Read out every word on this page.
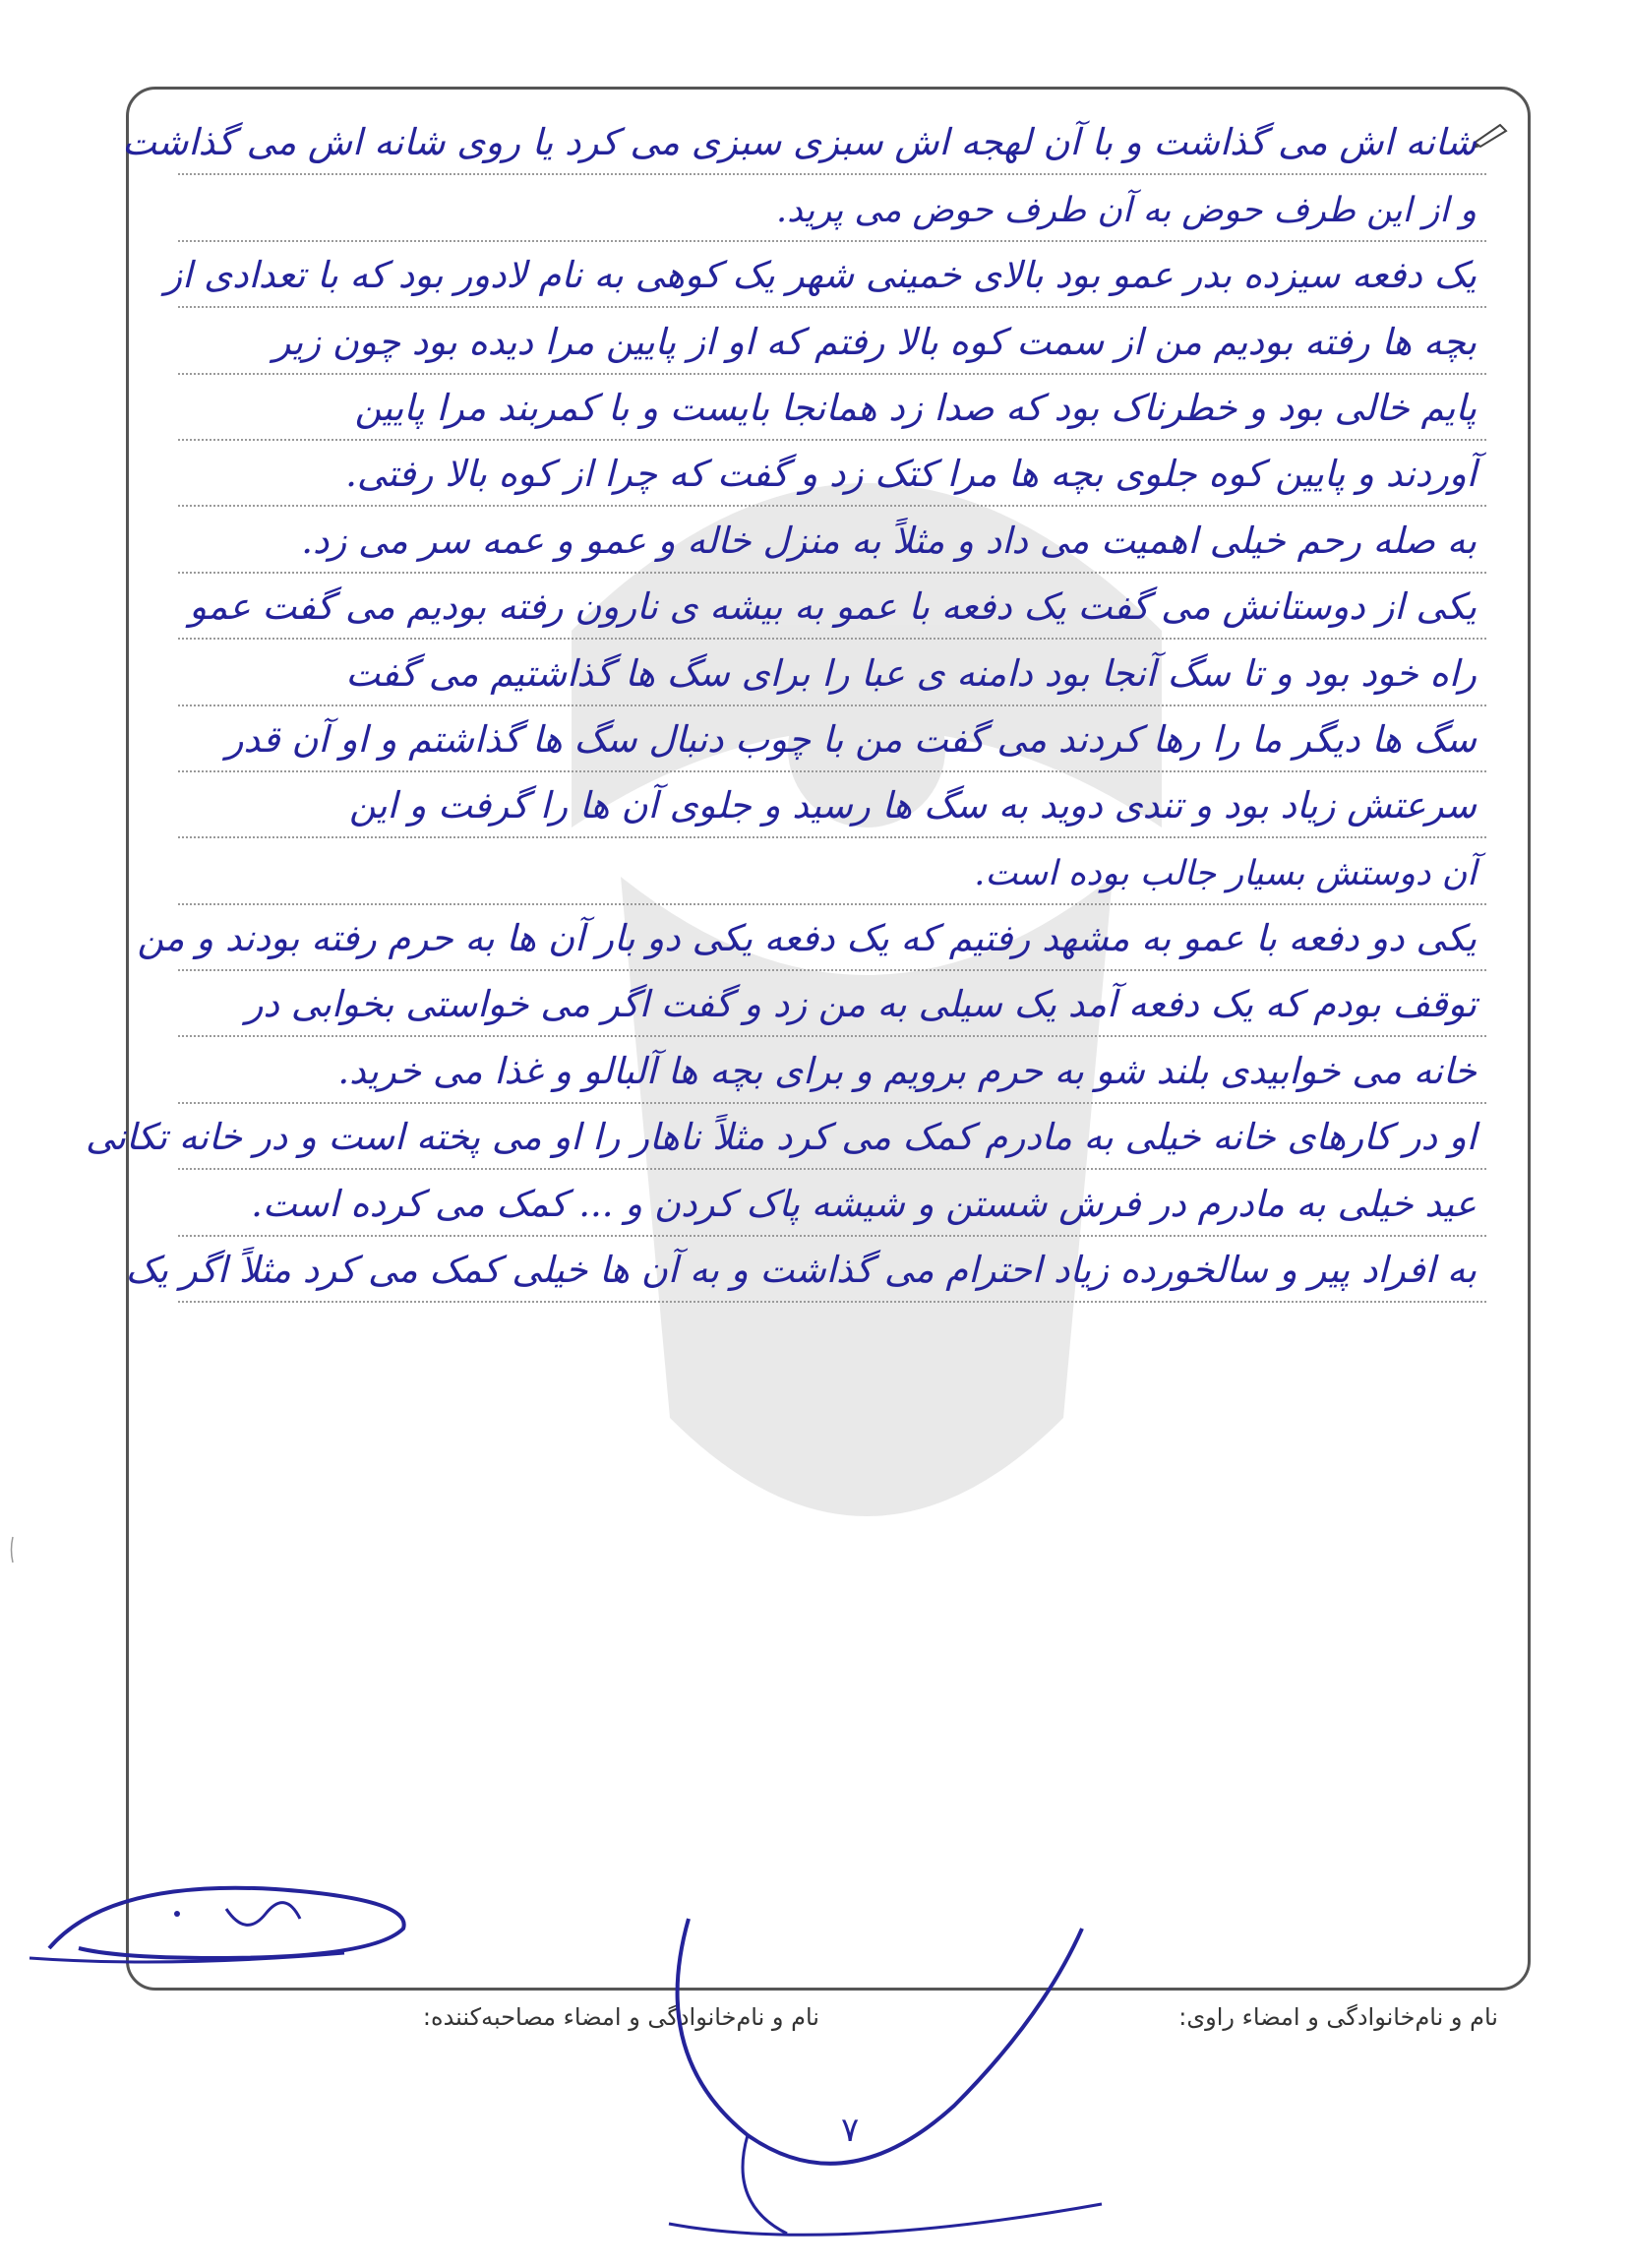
شانه اش می گذاشت و با آن لهجه اش سبزی سبزی می کرد یا روی شانه اش می گذاشت
و از این طرف حوض به آن طرف حوض می پرید.
یک دفعه سیزده بدر عمو بود بالای خمینی شهر یک کوهی به نام لادور بود که با تعدادی از
بچه ها رفته بودیم من از سمت کوه بالا رفتم که او از پایین مرا دیده بود چون زیر
پایم خالی بود و خطرناک بود که صدا زد همانجا بایست و با کمربند مرا پایین
آوردند و پایین کوه جلوی بچه ها مرا کتک زد و گفت که چرا از کوه بالا رفتی.
به صله رحم خیلی اهمیت می داد و مثلاً به منزل خاله و عمو و عمه سر می زد.
یکی از دوستانش می گفت یک دفعه با عمو به بیشه ی نارون رفته بودیم می گفت عمو
راه خود بود و تا سگ آنجا بود دامنه ی عبا را برای سگ ها گذاشتیم می گفت
سگ ها دیگر ما را رها کردند می گفت من با چوب دنبال سگ ها گذاشتم و او آن قدر
سرعتش زیاد بود و تندی دوید به سگ ها رسید و جلوی آن ها را گرفت و این
آن دوستش بسیار جالب بوده است.
یکی دو دفعه با عمو به مشهد رفتیم که یک دفعه یکی دو بار آن ها به حرم رفته بودند و من
توقف بودم که یک دفعه آمد یک سیلی به من زد و گفت اگر می خواستی بخوابی در
خانه می خوابیدی بلند شو به حرم برویم و برای بچه ها آلبالو و غذا می خرید.
او در کارهای خانه خیلی به مادرم کمک می کرد مثلاً ناهار را او می پخته است و در خانه تکانی
عید خیلی به مادرم در فرش شستن و شیشه پاک کردن و ... کمک می کرده است.
به افراد پیر و سالخورده زیاد احترام می گذاشت و به آن ها خیلی کمک می کرد مثلاً اگر یک
نام و نام‌خانوادگی و امضاء راوی:
نام و نام‌خانوادگی و امضاء مصاحبه‌کننده:
۷
